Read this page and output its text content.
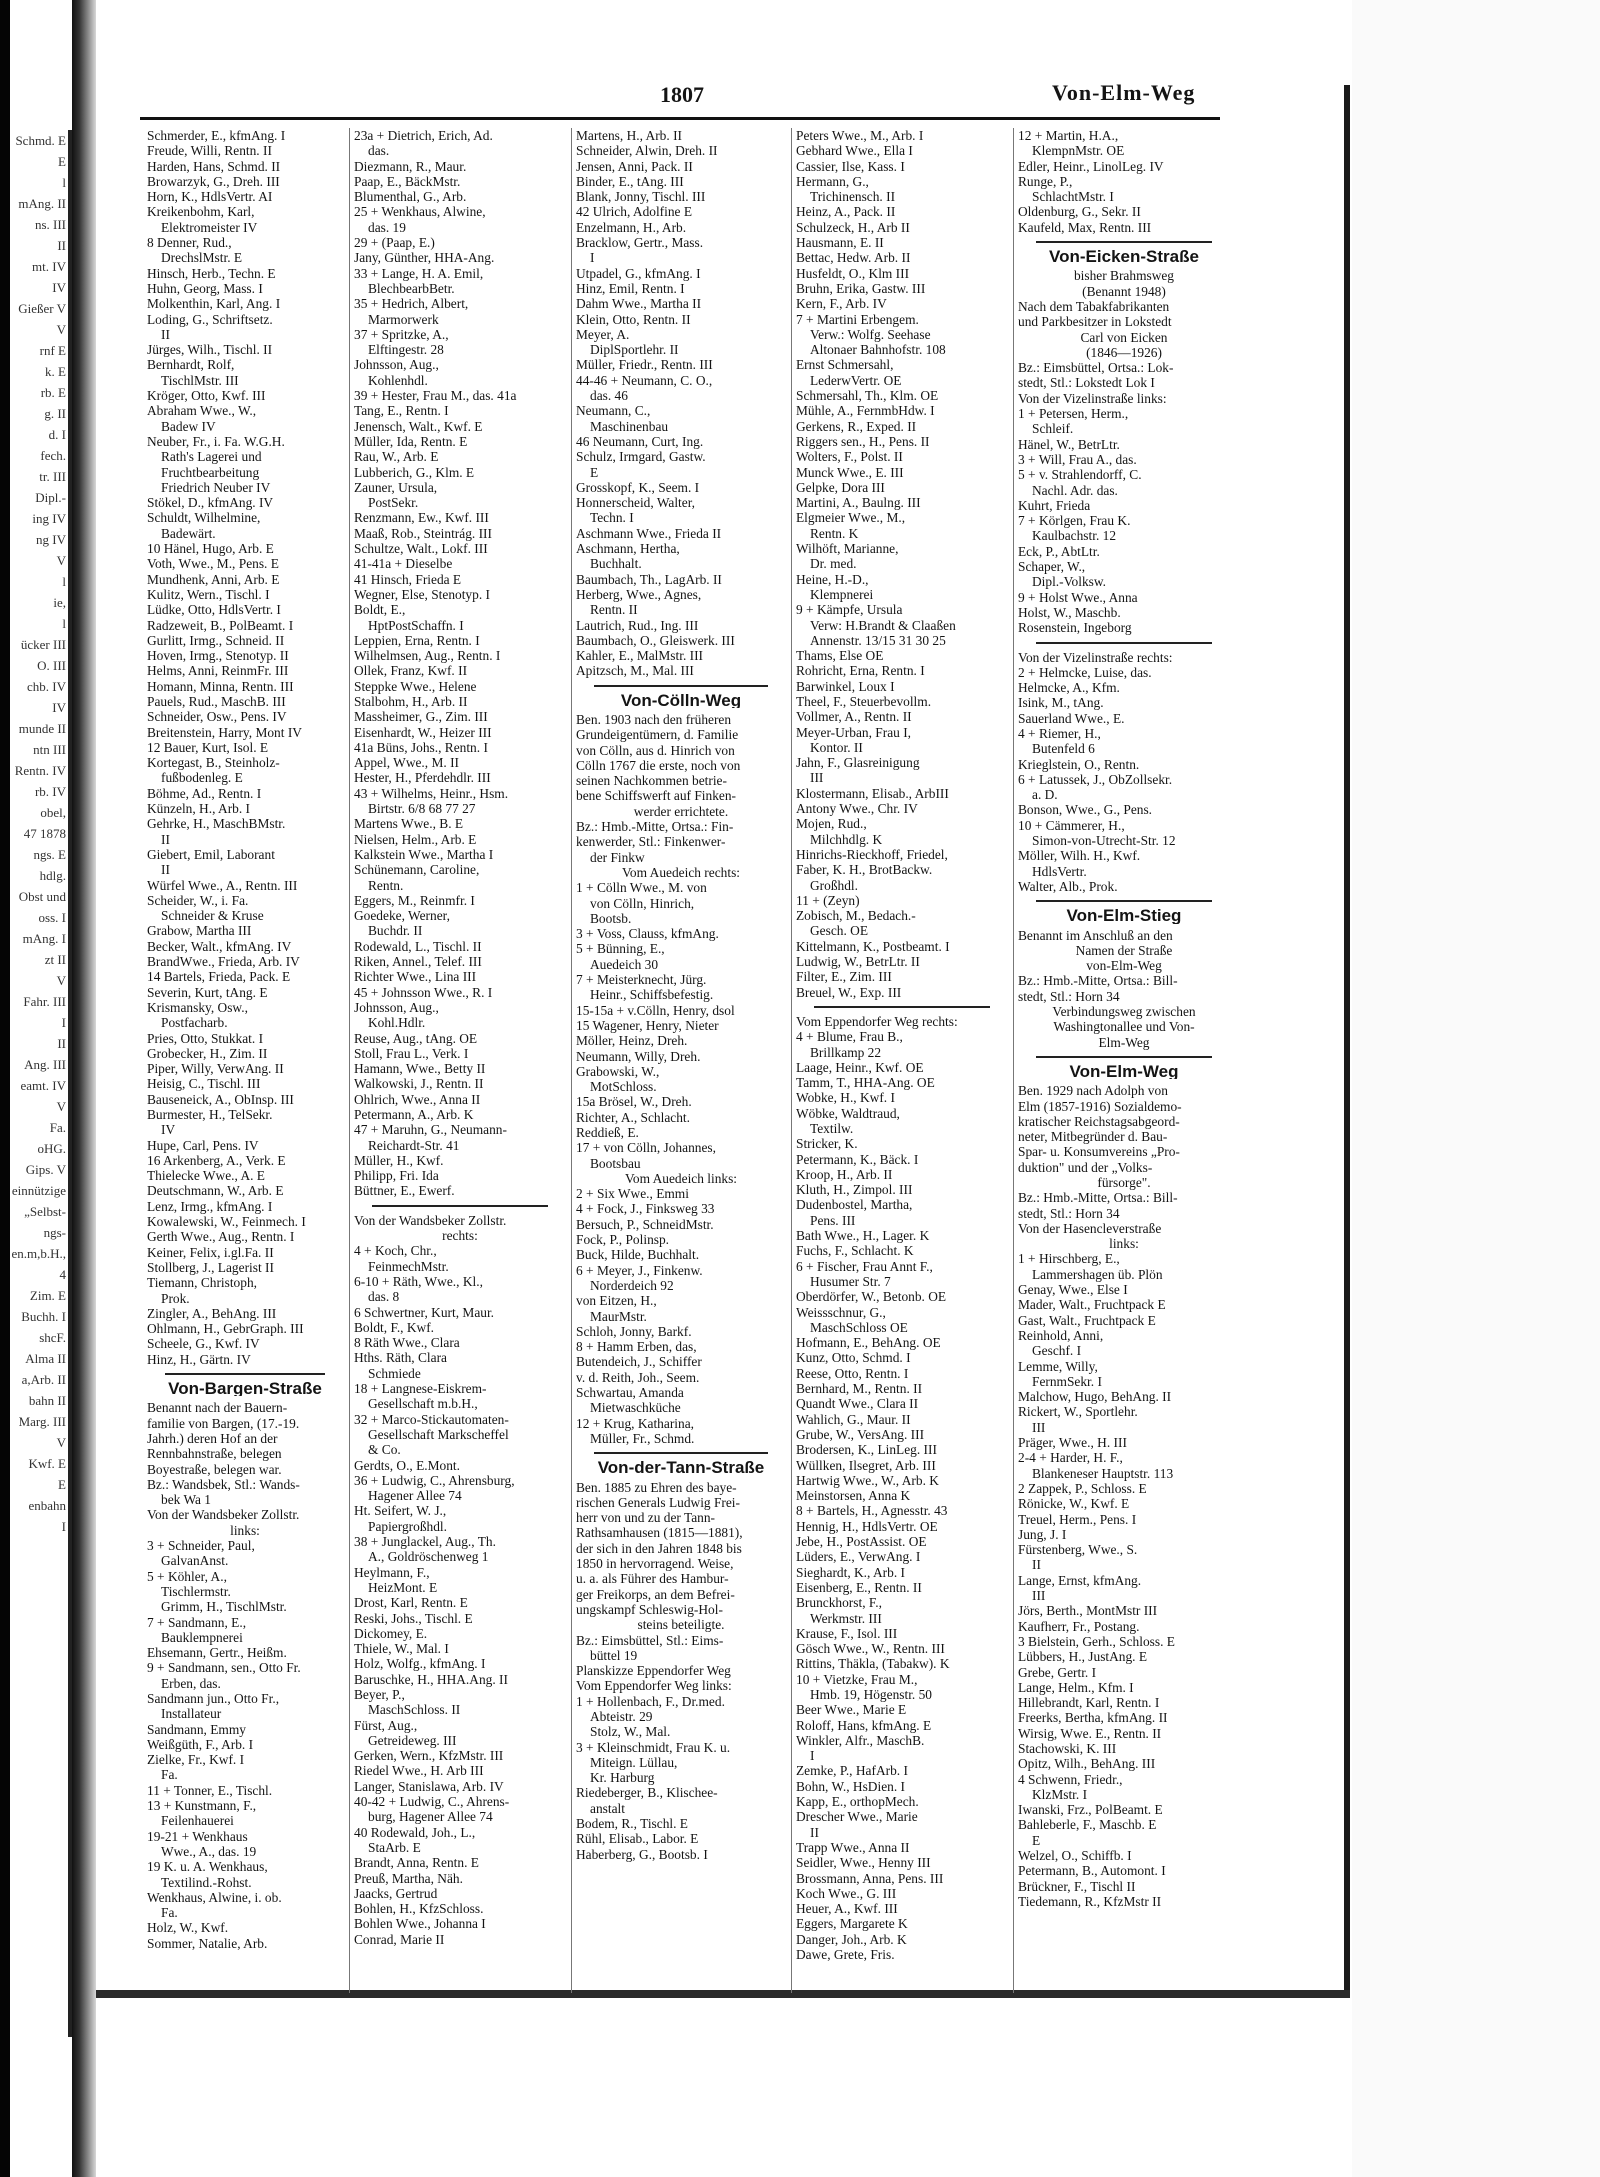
Schmd. E
E
l
mAng. II
ns. III
II
mt. IV
IV
Gießer V
V
rnf E
k. E
rb. E
g. II
d. I
fech.
tr. III
Dipl.-
ing IV
ng IV
V
l
ie,
l
ücker III
O. III
chb. IV
IV
munde II
ntn III
Rentn. IV
rb. IV
obel,
47 1878
ngs. E
hdlg.
Obst und
oss. I
mAng. I
zt II
V
Fahr. III
I
II
Ang. III
eamt. IV
V
Fa.
oHG.
Gips. V
einnützige
„Selbst-
ngs-
en.m,b.H.,
4
Zim. E
Buchh. I
shcF.
Alma II
a,Arb. II
bahn II
Marg. III
V
Kwf. E
E
enbahn
I
1807	Von-Elm-Weg
Schmerder, E., kfmAng. I
Freude, Willi, Rentn. II
Harden, Hans, Schmd. II
Browarzyk, G., Dreh. III
Horn, K., HdlsVertr. AI
Kreikenbohm, Karl,
Elektromeister IV
8 Denner, Rud.,
DrechslMstr. E
Hinsch, Herb., Techn. E
Huhn, Georg, Mass. I
Molkenthin, Karl, Ang. I
Loding, G., Schriftsetz.
II
Jürges, Wilh., Tischl. II
Bernhardt, Rolf,
TischlMstr. III
Kröger, Otto, Kwf. III
Abraham Wwe., W.,
Badew IV
Neuber, Fr., i. Fa. W.G.H.
Rath's Lagerei und
Fruchtbearbeitung
Friedrich Neuber IV
Stökel, D., kfmAng. IV
Schuldt, Wilhelmine,
Badewärt.
10 Hänel, Hugo, Arb. E
Voth, Wwe., M., Pens. E
Mundhenk, Anni, Arb. E
Kulitz, Wern., Tischl. I
Lüdke, Otto, HdlsVertr. I
Radzeweit, B., PolBeamt. I
Gurlitt, Irmg., Schneid. II
Hoven, Irmg., Stenotyp. II
Helms, Anni, ReinmFr. III
Homann, Minna, Rentn. III
Pauels, Rud., MaschB. III
Schneider, Osw., Pens. IV
Breitenstein, Harry, Mont IV
12 Bauer, Kurt, Isol. E
Kortegast, B., Steinholz-
fußbodenleg. E
Böhme, Ad., Rentn. I
Künzeln, H., Arb. I
Gehrke, H., MaschBMstr.
II
Giebert, Emil, Laborant
II
Würfel Wwe., A., Rentn. III
Scheider, W., i. Fa.
Schneider & Kruse
Grabow, Martha III
Becker, Walt., kfmAng. IV
BrandWwe., Frieda, Arb. IV
14 Bartels, Frieda, Pack. E
Severin, Kurt, tAng. E
Krismansky, Osw.,
Postfacharb.
Pries, Otto, Stukkat. I
Grobecker, H., Zim. II
Piper, Willy, VerwAng. II
Heisig, C., Tischl. III
Bauseneick, A., ObInsp. III
Burmester, H., TelSekr.
IV
Hupe, Carl, Pens. IV
16 Arkenberg, A., Verk. E
Thielecke Wwe., A. E
Deutschmann, W., Arb. E
Lenz, Irmg., kfmAng. I
Kowalewski, W., Feinmech. I
Gerth Wwe., Aug., Rentn. I
Keiner, Felix, i.gl.Fa. II
Stollberg, J., Lagerist II
Tiemann, Christoph,
Prok.
Zingler, A., BehAng. III
Ohlmann, H., GebrGraph. III
Scheele, G., Kwf. IV
Hinz, H., Gärtn. IV
Von-Bargen-Straße
Benannt nach der Bauern-
familie von Bargen, (17.-19.
Jahrh.) deren Hof an der
Rennbahnstraße, belegen
Boyestraße, belegen war.
Bz.: Wandsbek, Stl.: Wands-
bek Wa 1
Von der Wandsbeker Zollstr.
links:
3 + Schneider, Paul,
GalvanAnst.
5 + Köhler, A.,
Tischlermstr.
Grimm, H., TischlMstr.
7 + Sandmann, E.,
Bauklempnerei
Ehsemann, Gertr., Heißm.
9 + Sandmann, sen., Otto Fr.
Erben, das.
Sandmann jun., Otto Fr.,
Installateur
Sandmann, Emmy
Weißgüth, F., Arb. I
Zielke, Fr., Kwf. I
Fa.
11 + Tonner, E., Tischl.
13 + Kunstmann, F.,
Feilenhauerei
19-21 + Wenkhaus
Wwe., A., das. 19
19 K. u. A. Wenkhaus,
Textilind.-Rohst.
Wenkhaus, Alwine, i. ob.
Fa.
Holz, W., Kwf.
Sommer, Natalie, Arb.
23a + Dietrich, Erich, Ad.
das.
Diezmann, R., Maur.
Paap, E., BäckMstr.
Blumenthal, G., Arb.
25 + Wenkhaus, Alwine,
das. 19
29 + (Paap, E.)
Jany, Günther, HHA-Ang.
33 + Lange, H. A. Emil,
BlechbearbBetr.
35 + Hedrich, Albert,
Marmorwerk
37 + Spritzke, A.,
Elftingestr. 28
Johnsson, Aug.,
Kohlenhdl.
39 + Hester, Frau M., das. 41a
Tang, E., Rentn. I
Jenensch, Walt., Kwf. E
Müller, Ida, Rentn. E
Rau, W., Arb. E
Lubberich, G., Klm. E
Zauner, Ursula,
PostSekr.
Renzmann, Ew., Kwf. III
Maaß, Rob., Steintrág. III
Schultze, Walt., Lokf. III
41-41a + Dieselbe
41 Hinsch, Frieda E
Wegner, Else, Stenotyp. I
Boldt, E.,
HptPostSchaffn. I
Leppien, Erna, Rentn. I
Wilhelmsen, Aug., Rentn. I
Ollek, Franz, Kwf. II
Steppke Wwe., Helene
Stalbohm, H., Arb. II
Massheimer, G., Zim. III
Eisenhardt, W., Heizer III
41a Büns, Johs., Rentn. I
Appel, Wwe., M. II
Hester, H., Pferdehdlr. III
43 + Wilhelms, Heinr., Hsm.
Birtstr. 6/8 68 77 27
Martens Wwe., B. E
Nielsen, Helm., Arb. E
Kalkstein Wwe., Martha I
Schünemann, Caroline,
Rentn.
Eggers, M., Reinmfr. I
Goedeke, Werner,
Buchdr. II
Rodewald, L., Tischl. II
Riken, Annel., Telef. III
Richter Wwe., Lina III
45 + Johnsson Wwe., R. I
Johnsson, Aug.,
Kohl.Hdlr.
Reuse, Aug., tAng. OE
Stoll, Frau L., Verk. I
Hamann, Wwe., Betty II
Walkowski, J., Rentn. II
Ohlrich, Wwe., Anna II
Petermann, A., Arb. K
47 + Maruhn, G., Neumann-
Reichardt-Str. 41
Müller, H., Kwf.
Philipp, Fri. Ida
Büttner, E., Ewerf.
Von der Wandsbeker Zollstr.
rechts:
4 + Koch, Chr.,
FeinmechMstr.
6-10 + Räth, Wwe., Kl.,
das. 8
6 Schwertner, Kurt, Maur.
Boldt, F., Kwf.
8 Räth Wwe., Clara
Hths. Räth, Clara
Schmiede
18 + Langnese-Eiskrem-
Gesellschaft m.b.H.,
32 + Marco-Stickautomaten-
Gesellschaft Markscheffel
& Co.
Gerdts, O., E.Mont.
36 + Ludwig, C., Ahrensburg,
Hagener Allee 74
Ht. Seifert, W. J.,
Papiergroßhdl.
38 + Junglackel, Aug., Th.
A., Goldröschenweg 1
Heylmann, F.,
HeizMont. E
Drost, Karl, Rentn. E
Reski, Johs., Tischl. E
Dickomey, E.
Thiele, W., Mal. I
Holz, Wolfg., kfmAng. I
Baruschke, H., HHA.Ang. II
Beyer, P.,
MaschSchloss. II
Fürst, Aug.,
Getreideweg. III
Gerken, Wern., KfzMstr. III
Riedel Wwe., H. Arb III
Langer, Stanislawa, Arb. IV
40-42 + Ludwig, C., Ahrens-
burg, Hagener Allee 74
40 Rodewald, Joh., L.,
StaArb. E
Brandt, Anna, Rentn. E
Preuß, Martha, Näh.
Jaacks, Gertrud
Bohlen, H., KfzSchloss.
Bohlen Wwe., Johanna I
Conrad, Marie II
Martens, H., Arb. II
Schneider, Alwin, Dreh. II
Jensen, Anni, Pack. II
Binder, E., tAng. III
Blank, Jonny, Tischl. III
42 Ulrich, Adolfine E
Enzelmann, H., Arb.
Bracklow, Gertr., Mass.
I
Utpadel, G., kfmAng. I
Hinz, Emil, Rentn. I
Dahm Wwe., Martha II
Klein, Otto, Rentn. II
Meyer, A.
DiplSportlehr. II
Müller, Friedr., Rentn. III
44-46 + Neumann, C. O.,
das. 46
Neumann, C.,
Maschinenbau
46 Neumann, Curt, Ing.
Schulz, Irmgard, Gastw.
E
Grosskopf, K., Seem. I
Honnerscheid, Walter,
Techn. I
Aschmann Wwe., Frieda II
Aschmann, Hertha,
Buchhalt.
Baumbach, Th., LagArb. II
Herberg, Wwe., Agnes,
Rentn. II
Lautrich, Rud., Ing. III
Baumbach, O., Gleiswerk. III
Kahler, E., MalMstr. III
Apitzsch, M., Mal. III
Von-Cölln-Weg
Ben. 1903 nach den früheren
Grundeigentümern, d. Familie
von Cölln, aus d. Hinrich von
Cölln 1767 die erste, noch von
seinen Nachkommen betrie-
bene Schiffswerft auf Finken-
werder errichtete.
Bz.: Hmb.-Mitte, Ortsa.: Fin-
kenwerder, Stl.: Finkenwer-
der Finkw
Vom Auedeich rechts:
1 + Cölln Wwe., M. von
von Cölln, Hinrich,
Bootsb.
3 + Voss, Clauss, kfmAng.
5 + Bünning, E.,
Auedeich 30
7 + Meisterknecht, Jürg.
Heinr., Schiffsbefestig.
15-15a + v.Cölln, Henry, dsol
15 Wagener, Henry, Nieter
Möller, Heinz, Dreh.
Neumann, Willy, Dreh.
Grabowski, W.,
MotSchloss.
15a Brösel, W., Dreh.
Richter, A., Schlacht.
Reddieß, E.
17 + von Cölln, Johannes,
Bootsbau
Vom Auedeich links:
2 + Six Wwe., Emmi
4 + Fock, J., Finksweg 33
Bersuch, P., SchneidMstr.
Fock, P., Polinsp.
Buck, Hilde, Buchhalt.
6 + Meyer, J., Finkenw.
Norderdeich 92
von Eitzen, H.,
MaurMstr.
Schloh, Jonny, Barkf.
8 + Hamm Erben, das,
Butendeich, J., Schiffer
v. d. Reith, Joh., Seem.
Schwartau, Amanda
Mietwaschküche
12 + Krug, Katharina,
Müller, Fr., Schmd.
Von-der-Tann-Straße
Ben. 1885 zu Ehren des baye-
rischen Generals Ludwig Frei-
herr von und zu der Tann-
Rathsamhausen (1815—1881),
der sich in den Jahren 1848 bis
1850 in hervorragend. Weise,
u. a. als Führer des Hambur-
ger Freikorps, an dem Befrei-
ungskampf Schleswig-Hol-
steins beteiligte.
Bz.: Eimsbüttel, Stl.: Eims-
büttel 19
Planskizze Eppendorfer Weg
Vom Eppendorfer Weg links:
1 + Hollenbach, F., Dr.med.
Abteistr. 29
Stolz, W., Mal.
3 + Kleinschmidt, Frau K. u.
Miteign. Lüllau,
Kr. Harburg
Riedeberger, B., Klischee-
anstalt
Bodem, R., Tischl. E
Rühl, Elisab., Labor. E
Haberberg, G., Bootsb. I
Peters Wwe., M., Arb. I
Gebhard Wwe., Ella I
Cassier, Ilse, Kass. I
Hermann, G.,
Trichinensch. II
Heinz, A., Pack. II
Schulzeck, H., Arb II
Hausmann, E. II
Bettac, Hedw. Arb. II
Husfeldt, O., Klm III
Bruhn, Erika, Gastw. III
Kern, F., Arb. IV
7 + Martini Erbengem.
Verw.: Wolfg. Seehase
Altonaer Bahnhofstr. 108
Ernst Schmersahl,
LederwVertr. OE
Schmersahl, Th., Klm. OE
Mühle, A., FernmbHdw. I
Gerkens, R., Exped. II
Riggers sen., H., Pens. II
Wolters, F., Polst. II
Munck Wwe., E. III
Gelpke, Dora III
Martini, A., Baulng. III
Elgmeier Wwe., M.,
Rentn. K
Wilhöft, Marianne,
Dr. med.
Heine, H.-D.,
Klempnerei
9 + Kämpfe, Ursula
Verw: H.Brandt & Claaßen
Annenstr. 13/15 31 30 25
Thams, Else OE
Rohricht, Erna, Rentn. I
Barwinkel, Loux I
Theel, F., Steuerbevollm.
Vollmer, A., Rentn. II
Meyer-Urban, Frau I,
Kontor. II
Jahn, F., Glasreinigung
III
Klostermann, Elisab., ArbIII
Antony Wwe., Chr. IV
Mojen, Rud.,
Milchhdlg. K
Hinrichs-Rieckhoff, Friedel,
Faber, K. H., BrotBackw.
Großhdl.
11 + (Zeyn)
Zobisch, M., Bedach.-
Gesch. OE
Kittelmann, K., Postbeamt. I
Ludwig, W., BetrLtr. II
Filter, E., Zim. III
Breuel, W., Exp. III
Vom Eppendorfer Weg rechts:
4 + Blume, Frau B.,
Brillkamp 22
Laage, Heinr., Kwf. OE
Tamm, T., HHA-Ang. OE
Wobke, H., Kwf. I
Wöbke, Waldtraud,
Textilw.
Stricker, K.
Petermann, K., Bäck. I
Kroop, H., Arb. II
Kluth, H., Zimpol. III
Dudenbostel, Martha,
Pens. III
Bath Wwe., H., Lager. K
Fuchs, F., Schlacht. K
6 + Fischer, Frau Annt F.,
Husumer Str. 7
Oberdörfer, W., Betonb. OE
Weissschnur, G.,
MaschSchloss OE
Hofmann, E., BehAng. OE
Kunz, Otto, Schmd. I
Reese, Otto, Rentn. I
Bernhard, M., Rentn. II
Quandt Wwe., Clara II
Wahlich, G., Maur. II
Grube, W., VersAng. III
Brodersen, K., LinLeg. III
Wüllken, Ilsegret, Arb. III
Hartwig Wwe., W., Arb. K
Meinstorsen, Anna K
8 + Bartels, H., Agnesstr. 43
Hennig, H., HdlsVertr. OE
Jebe, H., PostAssist. OE
Lüders, E., VerwAng. I
Sieghardt, K., Arb. I
Eisenberg, E., Rentn. II
Brunckhorst, F.,
Werkmstr. III
Krause, F., Isol. III
Gösch Wwe., W., Rentn. III
Rittins, Thäkla, (Tabakw). K
10 + Vietzke, Frau M.,
Hmb. 19, Högenstr. 50
Beer Wwe., Marie E
Roloff, Hans, kfmAng. E
Winkler, Alfr., MaschB.
I
Zemke, P., HafArb. I
Bohn, W., HsDien. I
Kapp, E., orthopMech.
Drescher Wwe., Marie
II
Trapp Wwe., Anna II
Seidler, Wwe., Henny III
Brossmann, Anna, Pens. III
Koch Wwe., G. III
Heuer, A., Kwf. III
Eggers, Margarete K
Danger, Joh., Arb. K
Dawe, Grete, Fris.
12 + Martin, H.A.,
KlempnMstr. OE
Edler, Heinr., LinolLeg. IV
Runge, P.,
SchlachtMstr. I
Oldenburg, G., Sekr. II
Kaufeld, Max, Rentn. III
Von-Eicken-Straße
bisher Brahmsweg
(Benannt 1948)
Nach dem Tabakfabrikanten
und Parkbesitzer in Lokstedt
Carl von Eicken
(1846—1926)
Bz.: Eimsbüttel, Ortsa.: Lok-
stedt, Stl.: Lokstedt Lok I
Von der Vizelinstraße links:
1 + Petersen, Herm.,
Schleif.
Hänel, W., BetrLtr.
3 + Will, Frau A., das.
5 + v. Strahlendorff, C.
Nachl. Adr. das.
Kuhrt, Frieda
7 + Körlgen, Frau K.
Kaulbachstr. 12
Eck, P., AbtLtr.
Schaper, W.,
Dipl.-Volksw.
9 + Holst Wwe., Anna
Holst, W., Maschb.
Rosenstein, Ingeborg
Von der Vizelinstraße rechts:
2 + Helmcke, Luise, das.
Helmcke, A., Kfm.
Isink, M., tAng.
Sauerland Wwe., E.
4 + Riemer, H.,
Butenfeld 6
Krieglstein, O., Rentn.
6 + Latussek, J., ObZollsekr.
a. D.
Bonson, Wwe., G., Pens.
10 + Cämmerer, H.,
Simon-von-Utrecht-Str. 12
Möller, Wilh. H., Kwf.
HdlsVertr.
Walter, Alb., Prok.
Von-Elm-Stieg
Benannt im Anschluß an den
Namen der Straße
von-Elm-Weg
Bz.: Hmb.-Mitte, Ortsa.: Bill-
stedt, Stl.: Horn 34
Verbindungsweg zwischen
Washingtonallee und Von-
Elm-Weg
Von-Elm-Weg
Ben. 1929 nach Adolph von
Elm (1857-1916) Sozialdemo-
kratischer Reichstagsabgeord-
neter, Mitbegründer d. Bau-
Spar- u. Konsumvereins „Pro-
duktion" und der „Volks-
fürsorge".
Bz.: Hmb.-Mitte, Ortsa.: Bill-
stedt, Stl.: Horn 34
Von der Hasencleverstraße
links:
1 + Hirschberg, E.,
Lammershagen üb. Plön
Genay, Wwe., Else I
Mader, Walt., Fruchtpack E
Gast, Walt., Fruchtpack E
Reinhold, Anni,
Geschf. I
Lemme, Willy,
FernmSekr. I
Malchow, Hugo, BehAng. II
Rickert, W., Sportlehr.
III
Präger, Wwe., H. III
2-4 + Harder, H. F.,
Blankeneser Hauptstr. 113
2 Zappek, P., Schloss. E
Rönicke, W., Kwf. E
Treuel, Herm., Pens. I
Jung, J. I
Fürstenberg, Wwe., S.
II
Lange, Ernst, kfmAng.
III
Jörs, Berth., MontMstr III
Kaufherr, Fr., Postang.
3 Bielstein, Gerh., Schloss. E
Lübbers, H., JustAng. E
Grebe, Gertr. I
Lange, Helm., Kfm. I
Hillebrandt, Karl, Rentn. I
Freerks, Bertha, kfmAng. II
Wirsig, Wwe. E., Rentn. II
Stachowski, K. III
Opitz, Wilh., BehAng. III
4 Schwenn, Friedr.,
KlzMstr. I
Iwanski, Frz., PolBeamt. E
Bahleberle, F., Maschb. E
E
Welzel, O., Schiffb. I
Petermann, B., Automont. I
Brückner, F., Tischl II
Tiedemann, R., KfzMstr II
